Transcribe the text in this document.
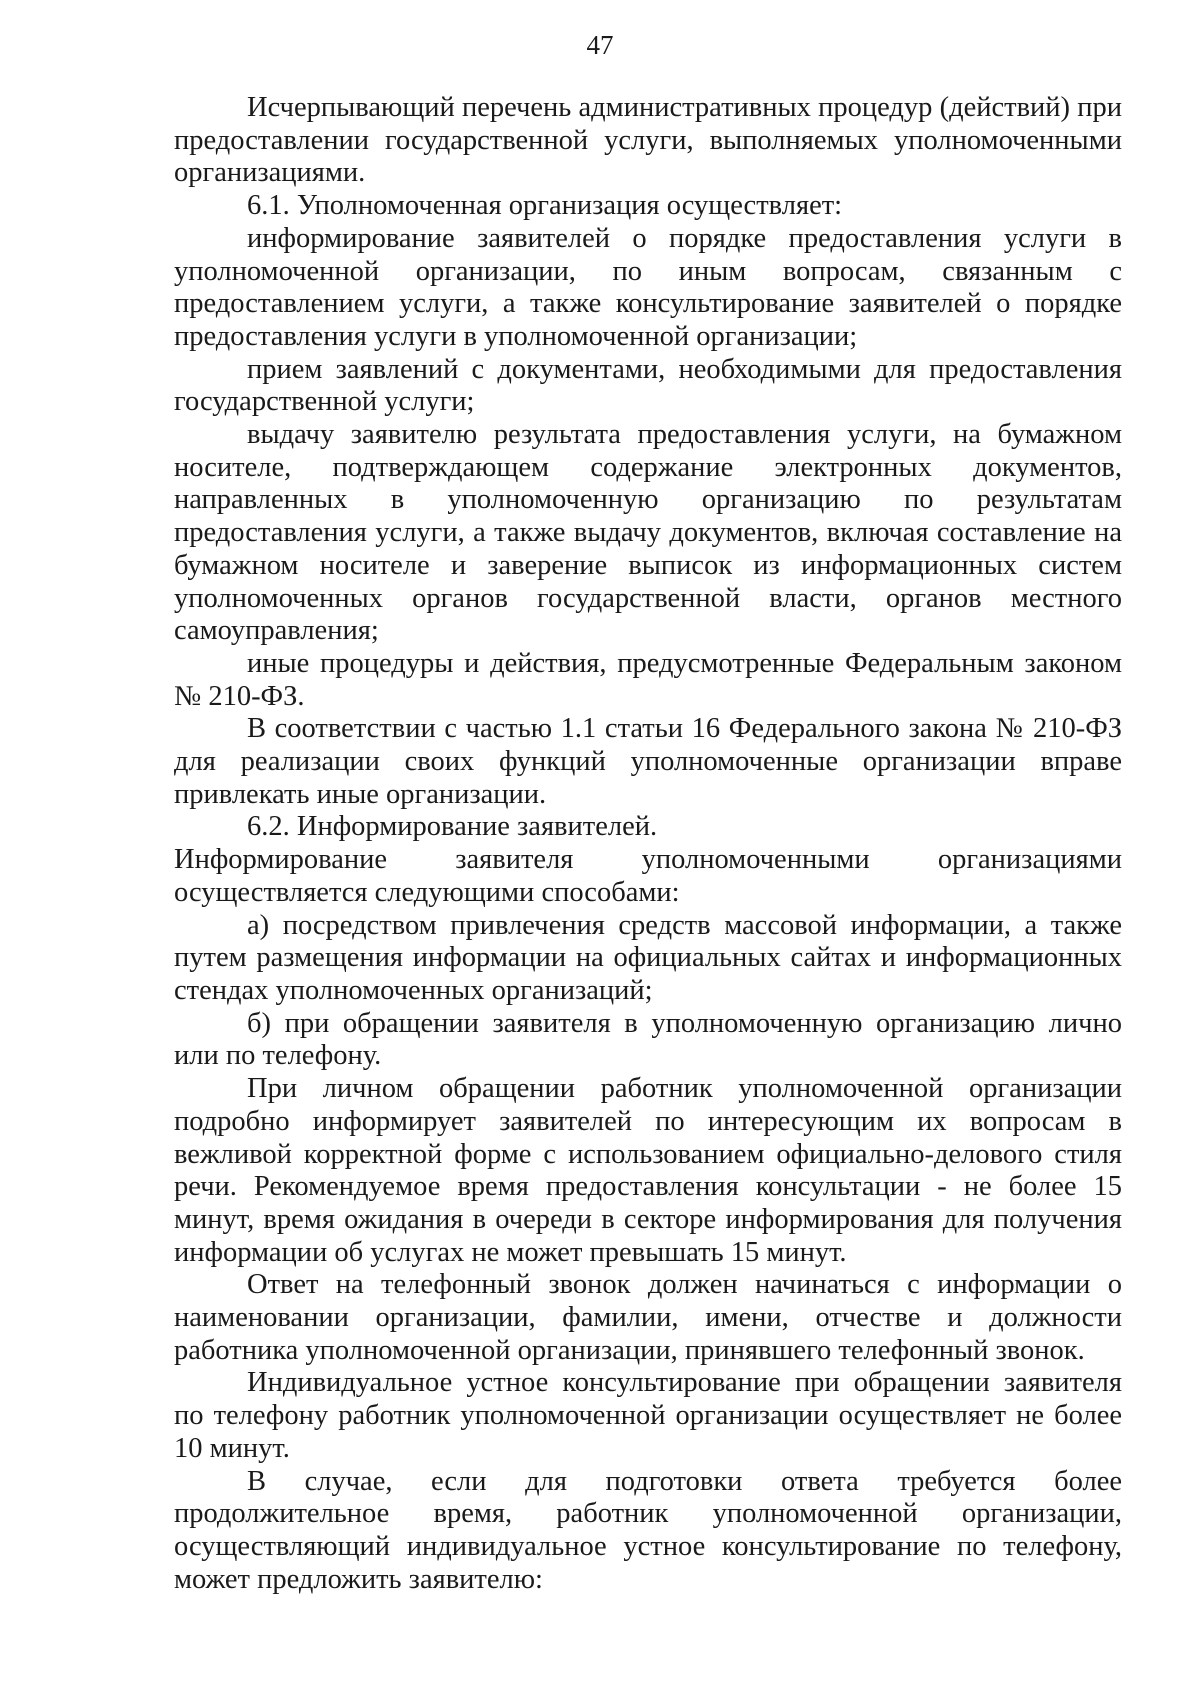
47

Исчерпывающий перечень административных процедур (действий) при предоставлении государственной услуги, выполняемых уполномоченными организациями.

6.1. Уполномоченная организация осуществляет:

информирование заявителей о порядке предоставления услуги в уполномоченной организации, по иным вопросам, связанным с предоставлением услуги, а также консультирование заявителей о порядке предоставления услуги в уполномоченной организации;

прием заявлений с документами, необходимыми для предоставления государственной услуги;

выдачу заявителю результата предоставления услуги, на бумажном носителе, подтверждающем содержание электронных документов, направленных в уполномоченную организацию по результатам предоставления услуги, а также выдачу документов, включая составление на бумажном носителе и заверение выписок из информационных систем уполномоченных органов государственной власти, органов местного самоуправления;

иные процедуры и действия, предусмотренные Федеральным законом № 210-ФЗ.

В соответствии с частью 1.1 статьи 16 Федерального закона № 210-ФЗ для реализации своих функций уполномоченные организации вправе привлекать иные организации.

6.2. Информирование заявителей.

Информирование заявителя уполномоченными организациями осуществляется следующими способами:

а) посредством привлечения средств массовой информации, а также путем размещения информации на официальных сайтах и информационных стендах уполномоченных организаций;

б) при обращении заявителя в уполномоченную организацию лично или по телефону.

При личном обращении работник уполномоченной организации подробно информирует заявителей по интересующим их вопросам в вежливой корректной форме с использованием официально-делового стиля речи. Рекомендуемое время предоставления консультации - не более 15 минут, время ожидания в очереди в секторе информирования для получения информации об услугах не может превышать 15 минут.

Ответ на телефонный звонок должен начинаться с информации о наименовании организации, фамилии, имени, отчестве и должности работника уполномоченной организации, принявшего телефонный звонок.

Индивидуальное устное консультирование при обращении заявителя по телефону работник уполномоченной организации осуществляет не более 10 минут.

В случае, если для подготовки ответа требуется более продолжительное время, работник уполномоченной организации, осуществляющий индивидуальное устное консультирование по телефону, может предложить заявителю:
